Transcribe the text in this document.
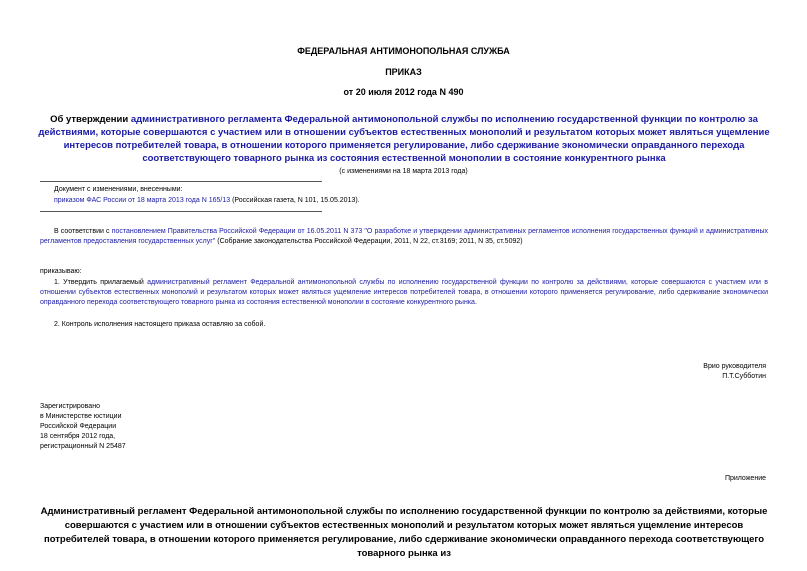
ФЕДЕРАЛЬНАЯ АНТИМОНОПОЛЬНАЯ СЛУЖБА
ПРИКАЗ
от 20 июля 2012 года N 490
Об утверждении административного регламента Федеральной антимонопольной службы по исполнению государственной функции по контролю за действиями, которые совершаются с участием или в отношении субъектов естественных монополий и результатом которых может являться ущемление интересов потребителей товара, в отношении которого применяется регулирование, либо сдерживание экономически оправданного перехода соответствующего товарного рынка из состояния естественной монополии в состояние конкурентного рынка
(с изменениями на 18 марта 2013 года)
Документ с изменениями, внесенными:
приказом ФАС России от 18 марта 2013 года N 165/13 (Российская газета, N 101, 15.05.2013).
В соответствии с постановлением Правительства Российской Федерации от 16.05.2011 N 373 "О разработке и утверждении административных регламентов исполнения государственных функций и административных регламентов предоставления государственных услуг" (Собрание законодательства Российской Федерации, 2011, N 22, ст.3169; 2011, N 35, ст.5092)
приказываю:
1. Утвердить прилагаемый административный регламент Федеральной антимонопольной службы по исполнению государственной функции по контролю за действиями, которые совершаются с участием или в отношении субъектов естественных монополий и результатом которых может являться ущемление интересов потребителей товара, в отношении которого применяется регулирование, либо сдерживание экономически оправданного перехода соответствующего товарного рынка из состояния естественной монополии в состояние конкурентного рынка.
2. Контроль исполнения настоящего приказа оставляю за собой.
Врио руководителя
П.Т.Субботин
Зарегистрировано
в Министерстве юстиции
Российской Федерации
18 сентября 2012 года,
регистрационный N 25487
Приложение
Административный регламент Федеральной антимонопольной службы по исполнению государственной функции по контролю за действиями, которые совершаются с участием или в отношении субъектов естественных монополий и результатом которых может являться ущемление интересов потребителей товара, в отношении которого применяется регулирование, либо сдерживание экономически оправданного перехода соответствующего товарного рынка из
